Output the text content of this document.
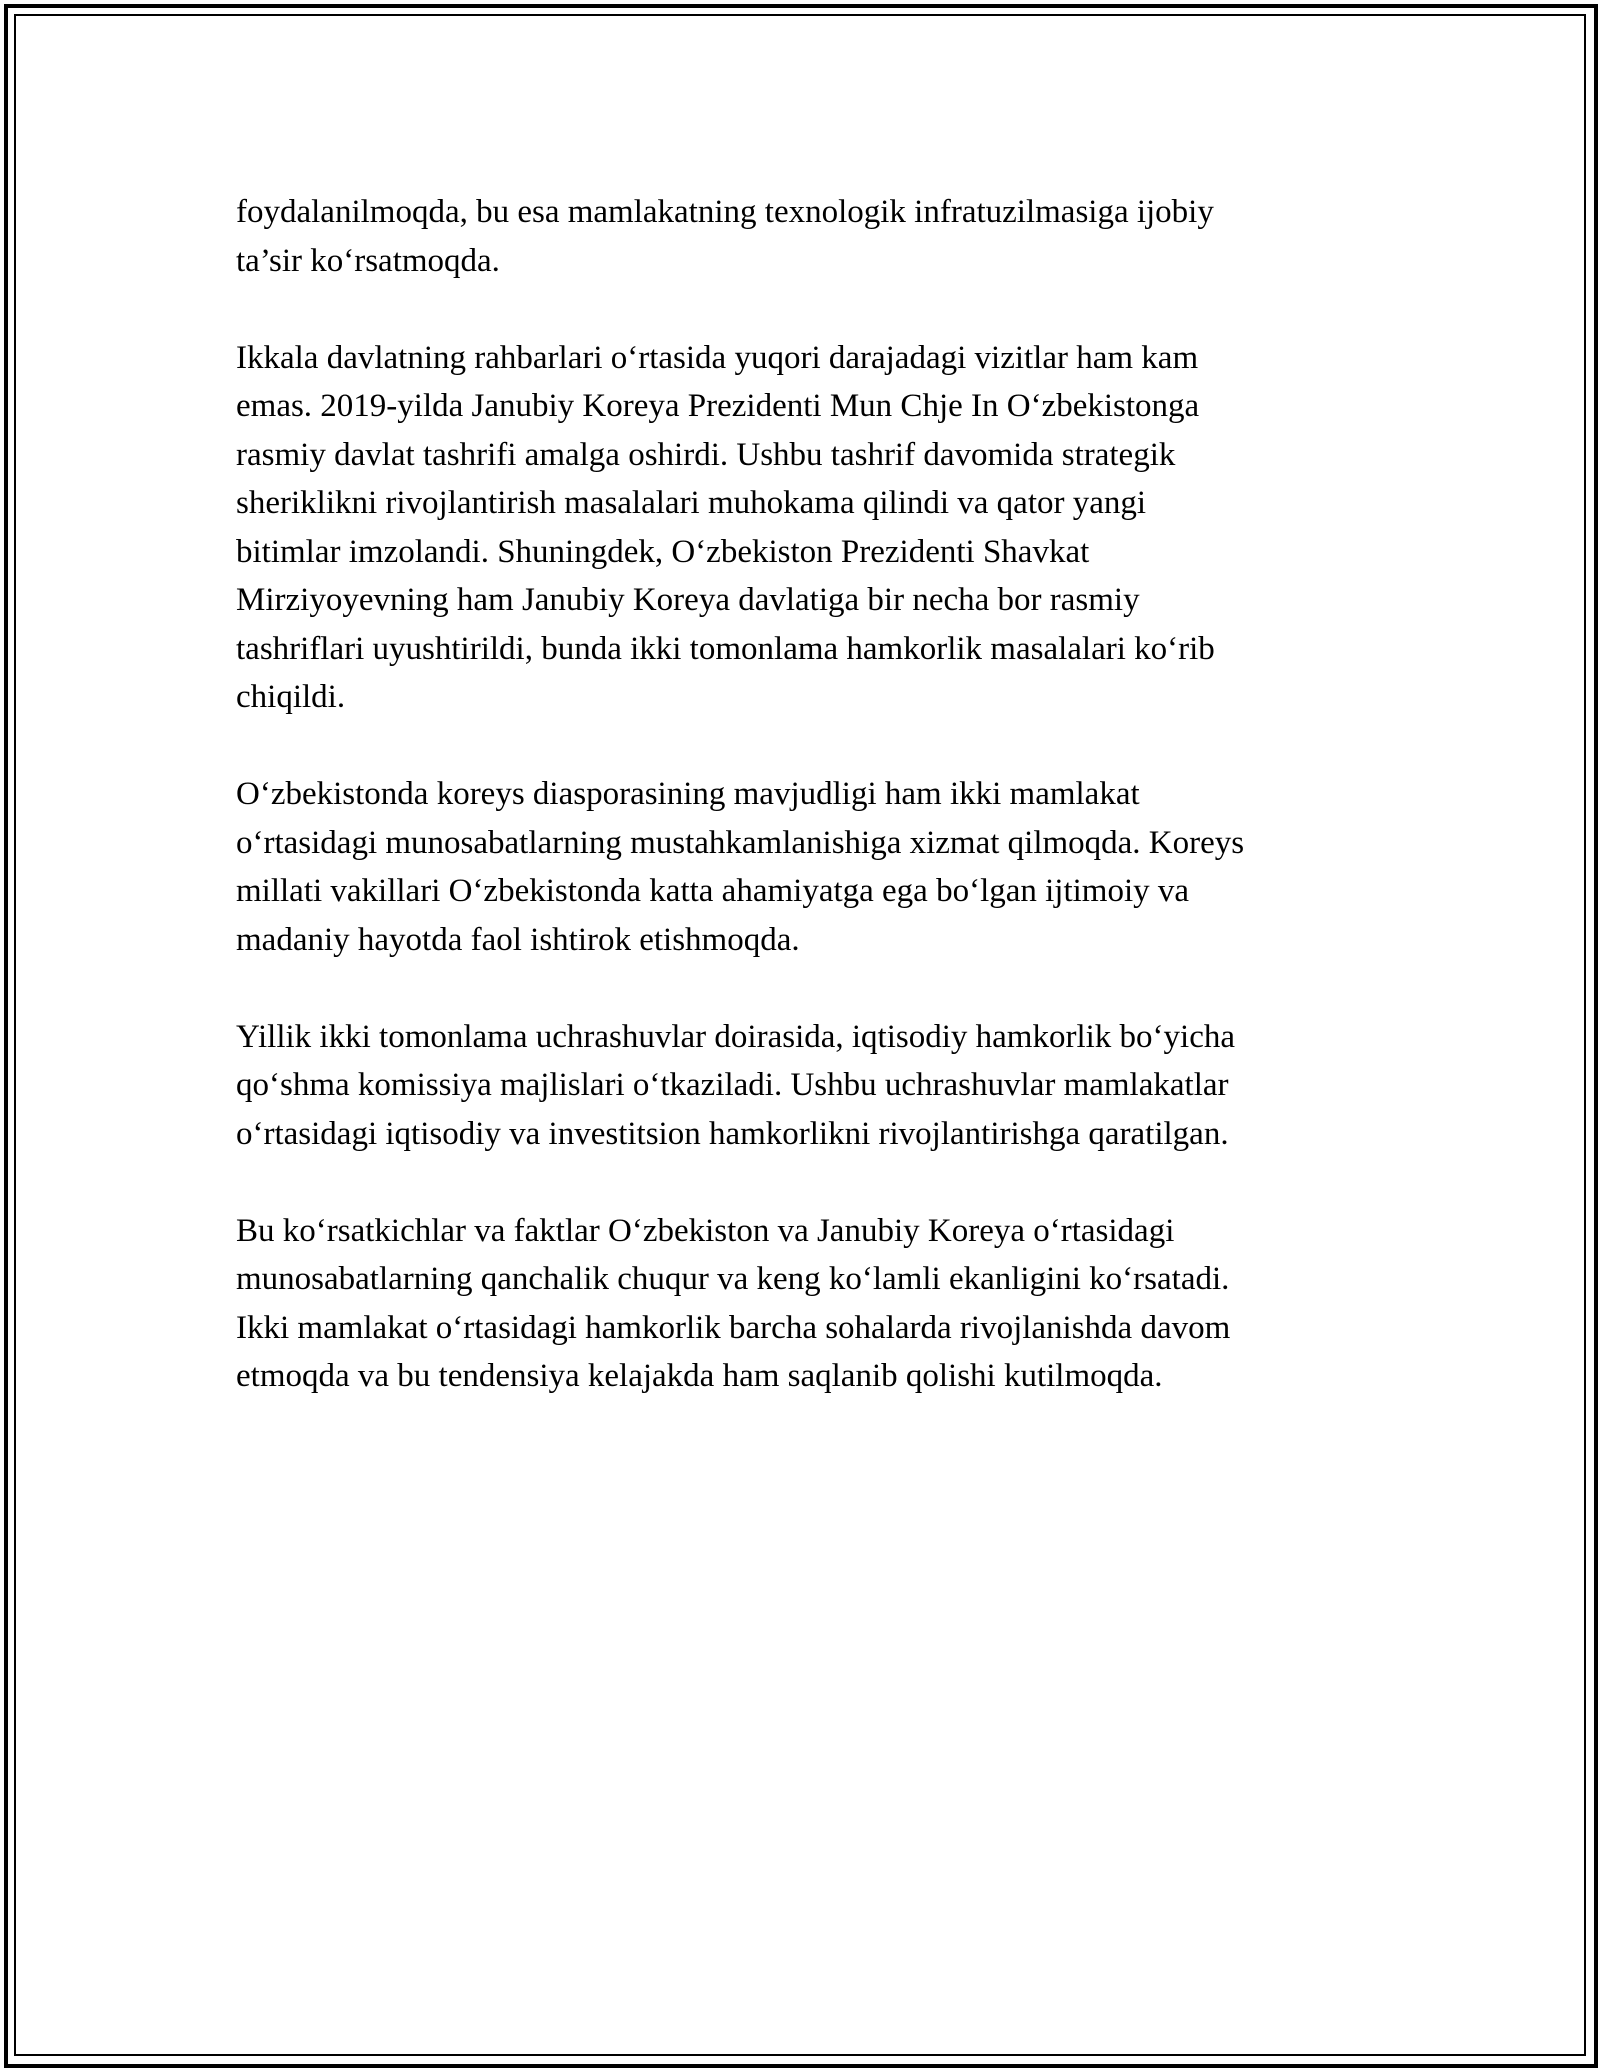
foydalanilmoqda, bu esa mamlakatning texnologik infratuzilmasiga ijobiy
ta’sir ko‘rsatmoqda.

Ikkala davlatning rahbarlari o‘rtasida yuqori darajadagi vizitlar ham kam
emas. 2019-yilda Janubiy Koreya Prezidenti Mun Chje In O‘zbekistonga
rasmiy davlat tashrifi amalga oshirdi. Ushbu tashrif davomida strategik
sheriklikni rivojlantirish masalalari muhokama qilindi va qator yangi
bitimlar imzolandi. Shuningdek, O‘zbekiston Prezidenti Shavkat
Mirziyoyevning ham Janubiy Koreya davlatiga bir necha bor rasmiy
tashriflari uyushtirildi, bunda ikki tomonlama hamkorlik masalalari ko‘rib
chiqildi.

O‘zbekistonda koreys diasporasining mavjudligi ham ikki mamlakat
o‘rtasidagi munosabatlarning mustahkamlanishiga xizmat qilmoqda. Koreys
millati vakillari O‘zbekistonda katta ahamiyatga ega bo‘lgan ijtimoiy va
madaniy hayotda faol ishtirok etishmoqda.

Yillik ikki tomonlama uchrashuvlar doirasida, iqtisodiy hamkorlik bo‘yicha
qo‘shma komissiya majlislari o‘tkaziladi. Ushbu uchrashuvlar mamlakatlar
o‘rtasidagi iqtisodiy va investitsion hamkorlikni rivojlantirishga qaratilgan.

Bu ko‘rsatkichlar va faktlar O‘zbekiston va Janubiy Koreya o‘rtasidagi
munosabatlarning qanchalik chuqur va keng ko‘lamli ekanligini ko‘rsatadi.
Ikki mamlakat o‘rtasidagi hamkorlik barcha sohalarda rivojlanishda davom
etmoqda va bu tendensiya kelajakda ham saqlanib qolishi kutilmoqda.
